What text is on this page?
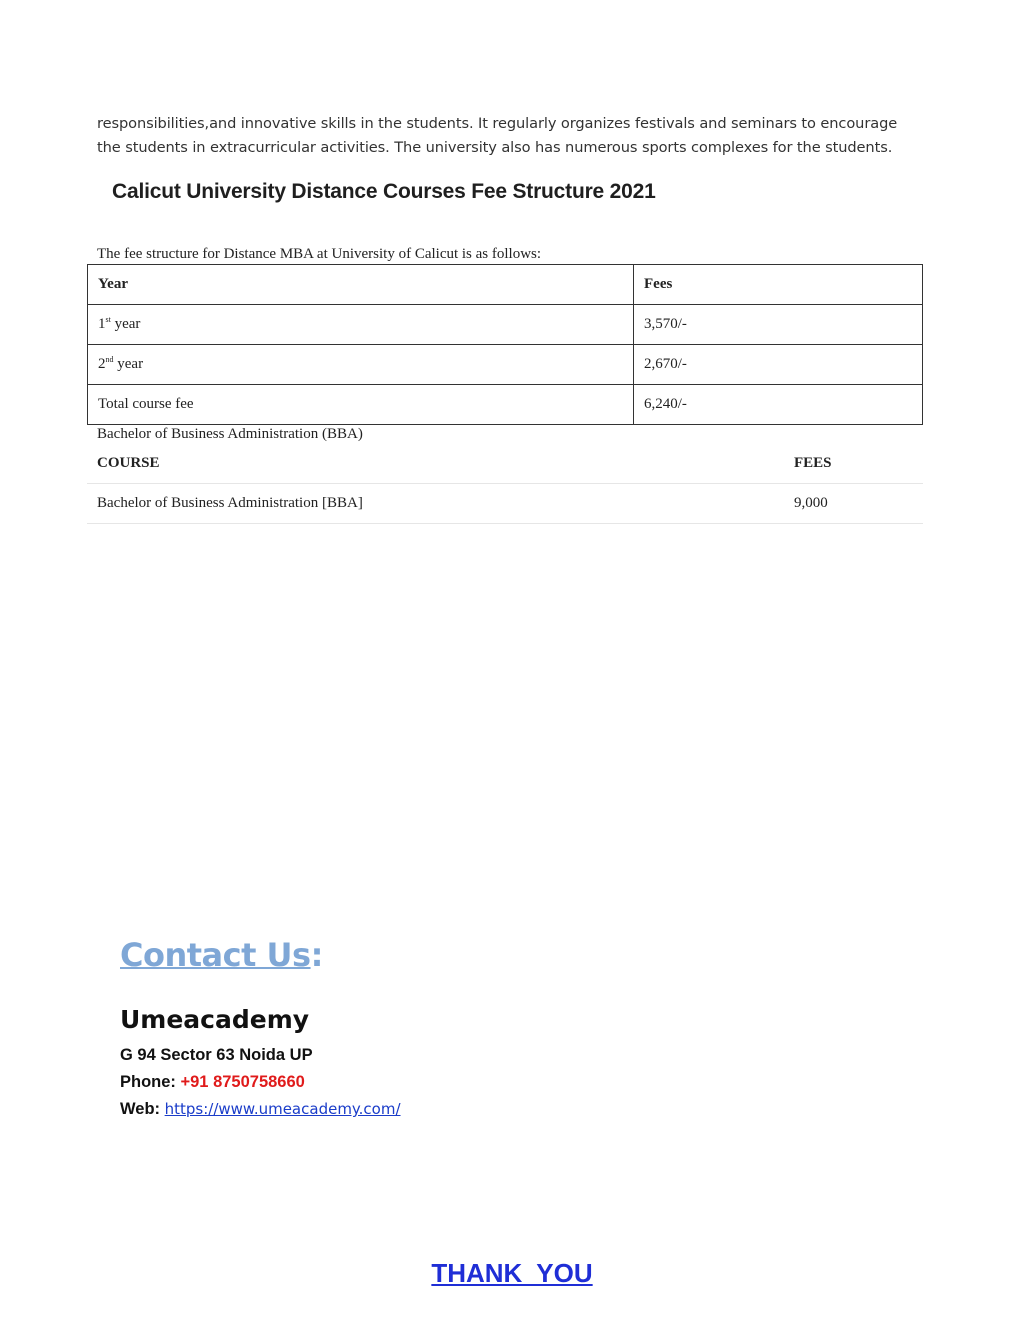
responsibilities,and innovative skills in the students. It regularly organizes festivals and seminars to encourage
the students in extracurricular activities. The university also has numerous sports complexes for the students.
Calicut University Distance Courses Fee Structure 2021

The fee structure for Distance MBA at University of Calicut is as follows:

Year	Fees
1st year	3,570/-
2nd year	2,670/-
Total course fee	6,240/-

Bachelor of Business Administration (BBA)

COURSE	FEES
Bachelor of Business Administration [BBA]	9,000
Contact Us:
Umeacademy
G 94 Sector 63 Noida UP
Phone: +91 8750758660
Web: https://www.umeacademy.com/

THANK  YOU
